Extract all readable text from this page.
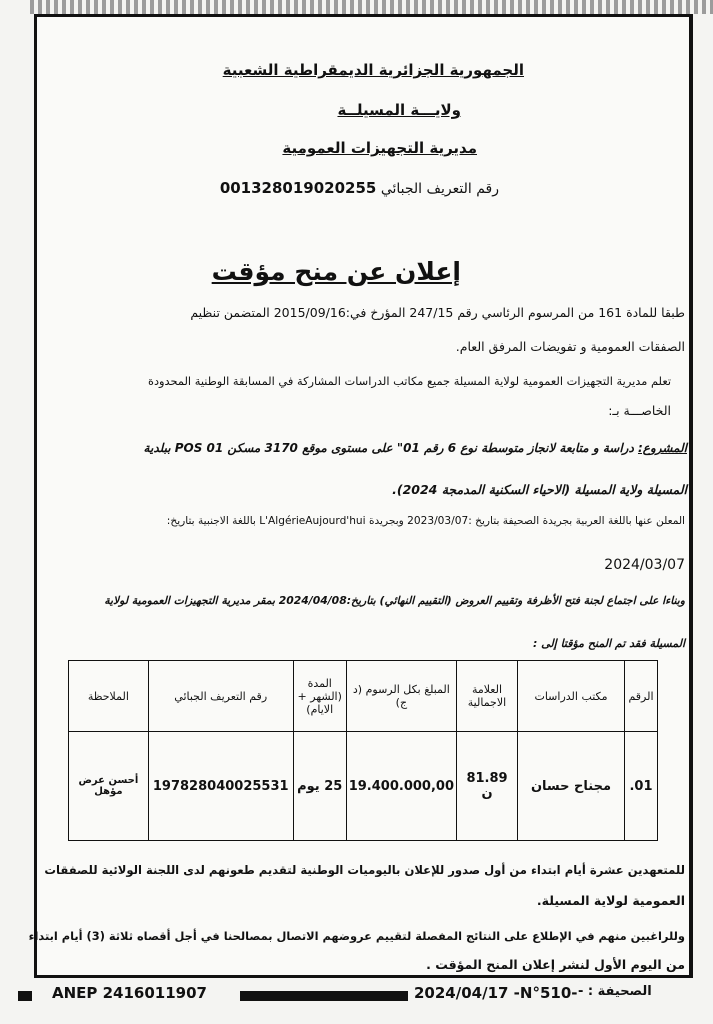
الجمهورية الجزائرية الديمقراطية الشعبية
ولايـــة المسيلــة
مديرية التجهيزات العمومية
رقم التعريف الجبائي 001328019020255
إعلان عن منح مؤقت
طبقا للمادة 161 من المرسوم الرئاسي رقم 247/15 المؤرخ في:2015/09/16 المتضمن تنظيم
الصفقات العمومية و تفويضات المرفق العام.
تعلم مديرية التجهيزات العمومية لولاية المسيلة جميع مكاتب الدراسات المشاركة في المسابقة الوطنية المحدودة
الخاصـــة بـ:
المشروع: دراسة و متابعة لانجاز متوسطة نوع 6 رقم 01" على مستوى موقع 3170 مسكن POS 01 ببلدية
المسيلة ولاية المسيلة (الاحياء السكنية المدمجة 2024).
المعلن عنها باللغة العربية بجريدة الصحيفة بتاريخ :2023/03/07 وبجريدة L'AlgérieAujourd'hui باللغة الاجنبية بتاريخ:
2024/03/07
وبناءا على اجتماع لجنة فتح الأظرفة وتقييم العروض (التقييم النهائي) بتاريخ:2024/04/08 بمقر مديرية التجهيزات العمومية لولاية
المسيلة فقد تم المنح مؤقتا إلى :
للمتعهدين عشرة أيام ابتداء من أول صدور للإعلان باليوميات الوطنية لتقديم طعونهم لدى اللجنة الولائية للصفقات
العمومية لولاية المسيلة.
وللراغبين منهم في الإطلاع على النتائج المفصلة لتقييم عروضهم الاتصال بمصالحنا في أجل أقصاه ثلاثة (3) أيام ابتداء
من اليوم الأول لنشر إعلان المنح المؤقت .
الرقم	مكتب الدراسات	العلامة الاجمالية	المبلغ بكل الرسوم (د ج)	المدة (الشهر + الايام)	رقم التعريف الجبائي	الملاحظة
01.	مجناح حسان	81.89 ن	19.400.000,00	25 يوم	197828040025531	أحسن عرض مؤهل
ANEP 2416011907	2024/04/17 -N°510- الصحيفة : -
